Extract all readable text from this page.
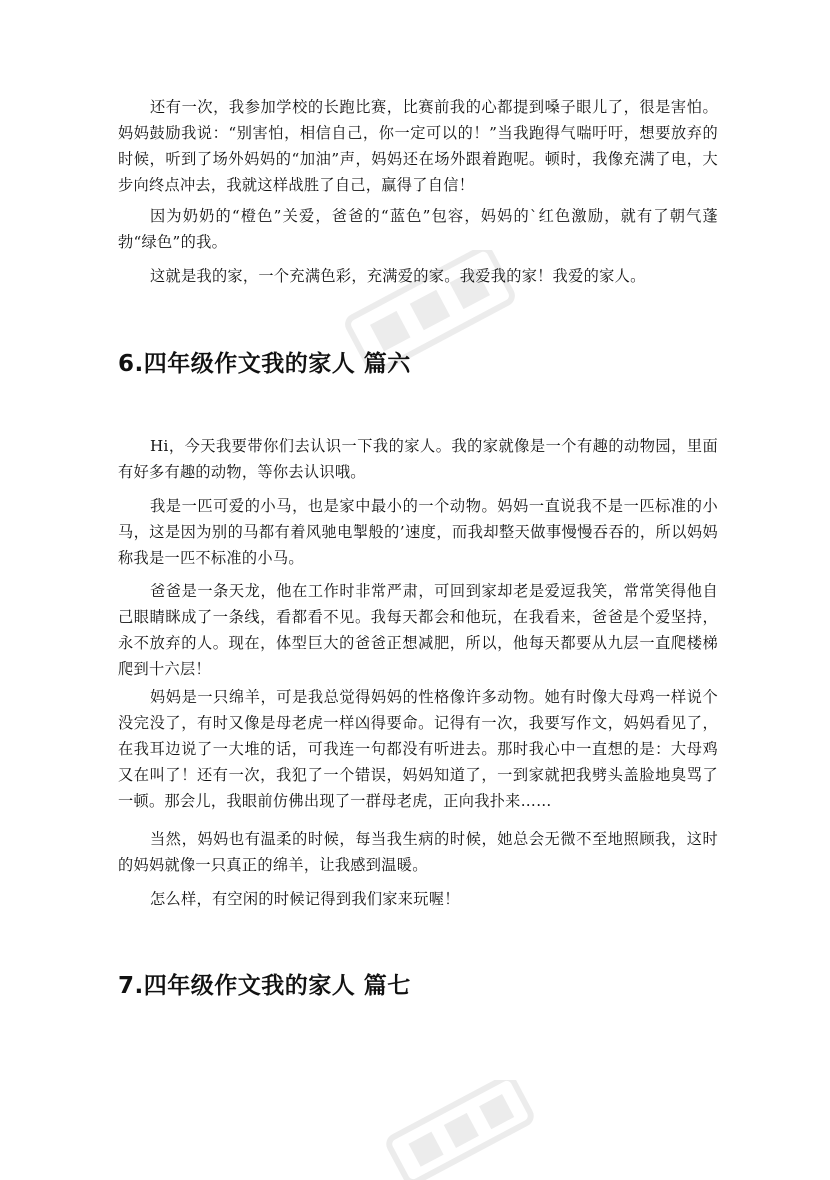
还有一次，我参加学校的长跑比赛，比赛前我的心都提到嗓子眼儿了，很是害怕。妈妈鼓励我说：“别害怕，相信自己，你一定可以的！”当我跑得气喘吁吁，想要放弃的时候，听到了场外妈妈的“加油”声，妈妈还在场外跟着跑呢。顿时，我像充满了电，大步向终点冲去，我就这样战胜了自己，赢得了自信！

因为奶奶的“橙色”关爱，爸爸的“蓝色”包容，妈妈的`红色激励，就有了朝气蓬勃“绿色”的我。

这就是我的家，一个充满色彩，充满爱的家。我爱我的家！我爱的家人。

6.四年级作文我的家人 篇六

Hi，今天我要带你们去认识一下我的家人。我的家就像是一个有趣的动物园，里面有好多有趣的动物，等你去认识哦。

我是一匹可爱的小马，也是家中最小的一个动物。妈妈一直说我不是一匹标准的小马，这是因为别的马都有着风驰电掣般的’速度，而我却整天做事慢慢吞吞的，所以妈妈称我是一匹不标准的小马。

爸爸是一条天龙，他在工作时非常严肃，可回到家却老是爱逗我笑，常常笑得他自己眼睛眯成了一条线，看都看不见。我每天都会和他玩，在我看来，爸爸是个爱坚持，永不放弃的人。现在，体型巨大的爸爸正想减肥，所以，他每天都要从九层一直爬楼梯爬到十六层！

妈妈是一只绵羊，可是我总觉得妈妈的性格像许多动物。她有时像大母鸡一样说个没完没了，有时又像是母老虎一样凶得要命。记得有一次，我要写作文，妈妈看见了，在我耳边说了一大堆的话，可我连一句都没有听进去。那时我心中一直想的是：大母鸡又在叫了！还有一次，我犯了一个错误，妈妈知道了，一到家就把我劈头盖脸地臭骂了一顿。那会儿，我眼前仿佛出现了一群母老虎，正向我扑来……

当然，妈妈也有温柔的时候，每当我生病的时候，她总会无微不至地照顾我，这时的妈妈就像一只真正的绵羊，让我感到温暖。

怎么样，有空闲的时候记得到我们家来玩喔！

7.四年级作文我的家人 篇七
